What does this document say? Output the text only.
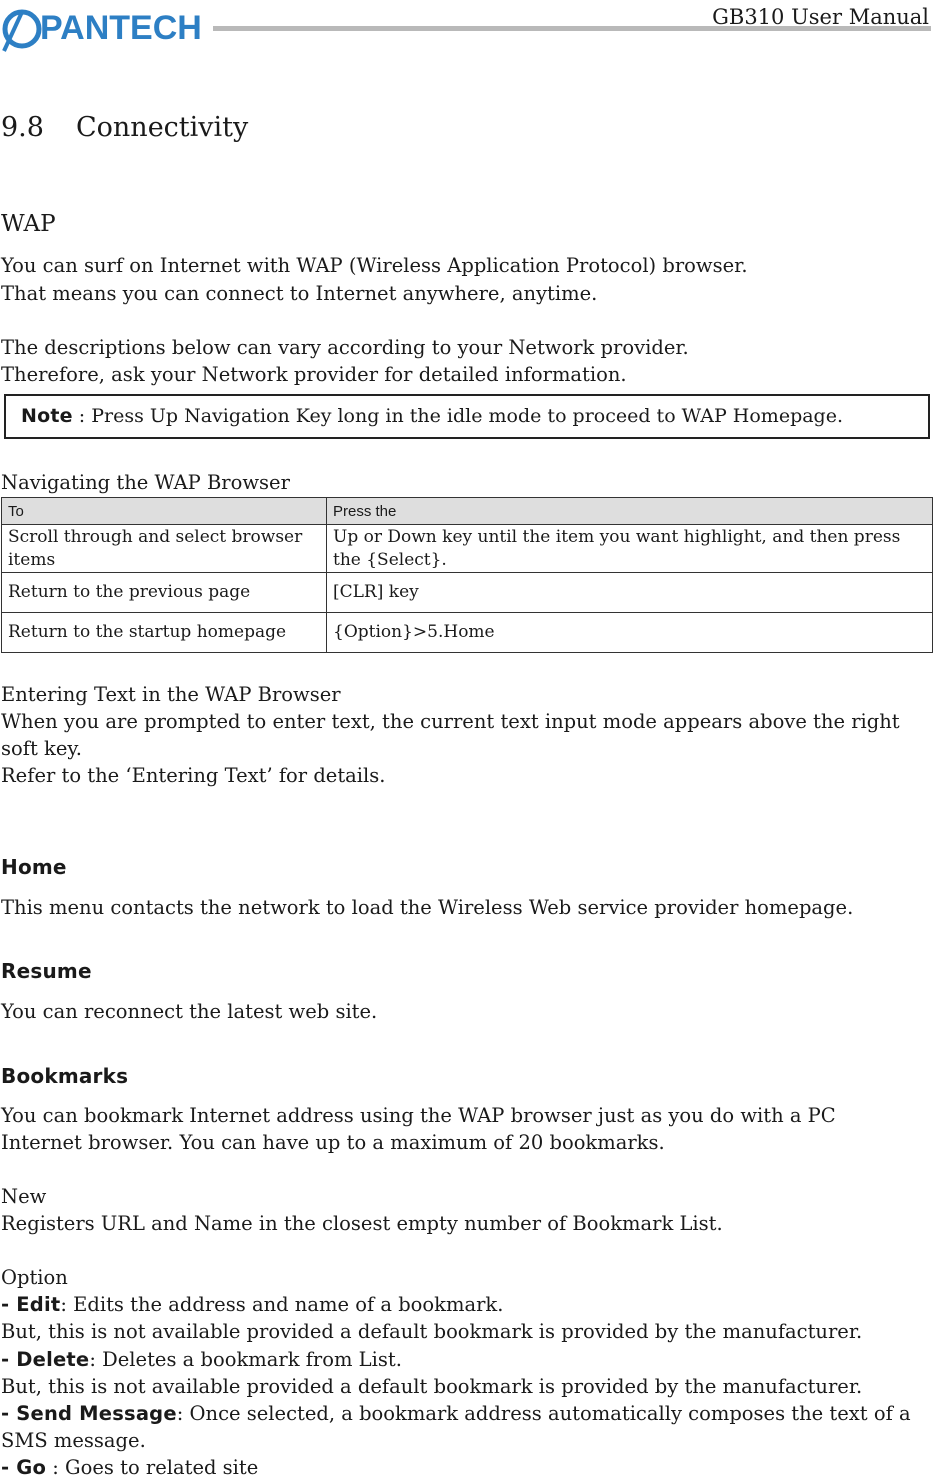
PANTECH	GB310 User Manual
9.8 Connectivity
WAP
You can surf on Internet with WAP (Wireless Application Protocol) browser.
That means you can connect to Internet anywhere, anytime.
The descriptions below can vary according to your Network provider.
Therefore, ask your Network provider for detailed information.
Note : Press Up Navigation Key long in the idle mode to proceed to WAP Homepage.
Navigating the WAP Browser
To	Press the
Scroll through and select browser items	Up or Down key until the item you want highlight, and then press the {Select}.
Return to the previous page	[CLR] key
Return to the startup homepage	{Option}>5.Home
Entering Text in the WAP Browser
When you are prompted to enter text, the current text input mode appears above the right
soft key.
Refer to the ‘Entering Text’ for details.
Home
This menu contacts the network to load the Wireless Web service provider homepage.
Resume
You can reconnect the latest web site.
Bookmarks
You can bookmark Internet address using the WAP browser just as you do with a PC
Internet browser. You can have up to a maximum of 20 bookmarks.
New
Registers URL and Name in the closest empty number of Bookmark List.
Option
- Edit: Edits the address and name of a bookmark.
But, this is not available provided a default bookmark is provided by the manufacturer.
- Delete: Deletes a bookmark from List.
But, this is not available provided a default bookmark is provided by the manufacturer.
- Send Message: Once selected, a bookmark address automatically composes the text of a
SMS message.
- Go : Goes to related site
